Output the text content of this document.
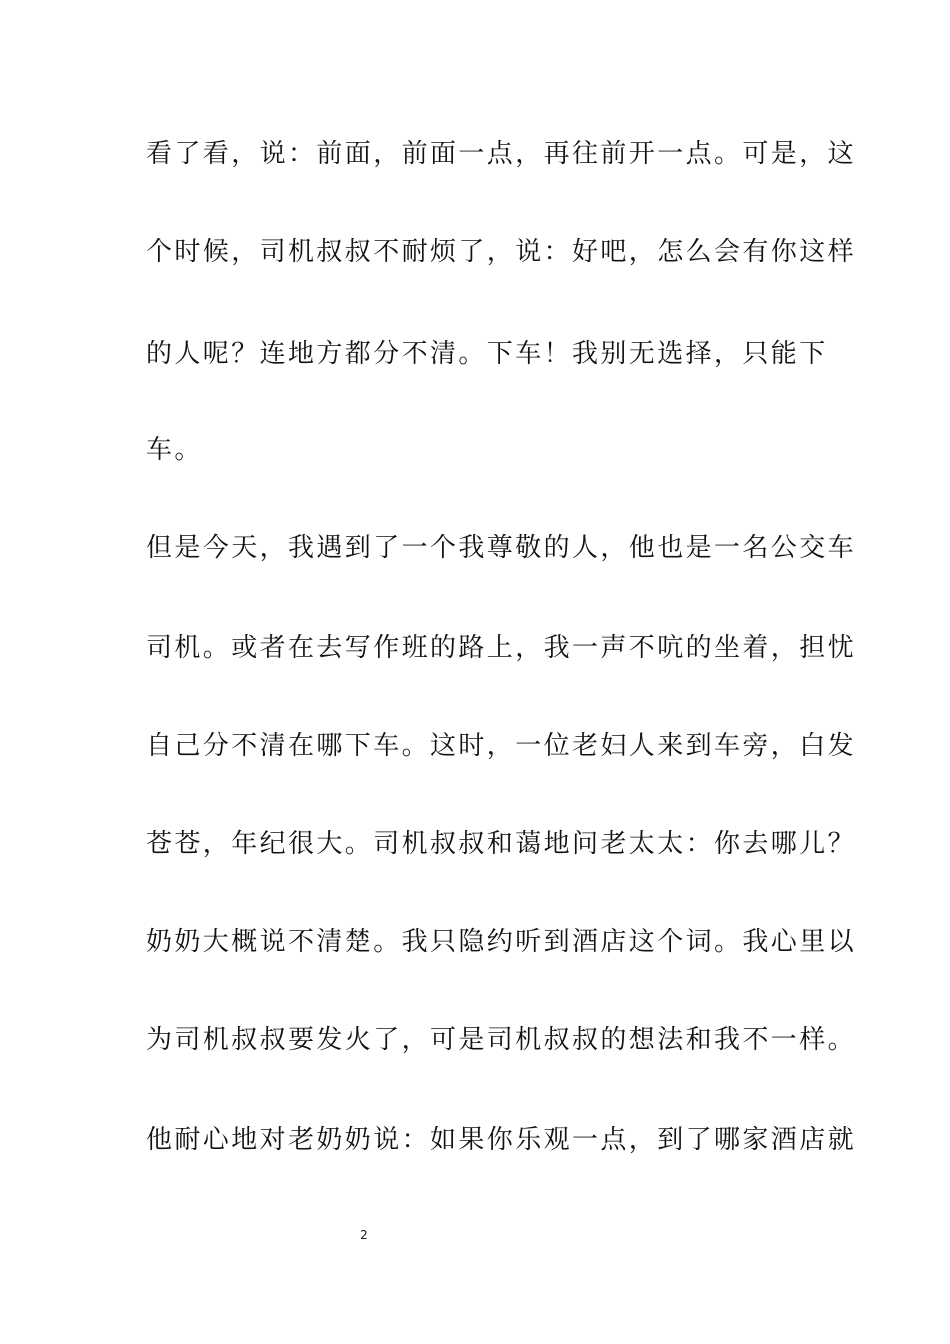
看了看，说：前面，前面一点，再往前开一点。可是，这
个时候，司机叔叔不耐烦了，说：好吧，怎么会有你这样
的人呢？连地方都分不清。下车！我别无选择，只能下
车。
但是今天，我遇到了一个我尊敬的人，他也是一名公交车
司机。或者在去写作班的路上，我一声不吭的坐着，担忧
自己分不清在哪下车。这时，一位老妇人来到车旁，白发
苍苍，年纪很大。司机叔叔和蔼地问老太太：你去哪儿？
奶奶大概说不清楚。我只隐约听到酒店这个词。我心里以
为司机叔叔要发火了，可是司机叔叔的想法和我不一样。
他耐心地对老奶奶说：如果你乐观一点，到了哪家酒店就
2
